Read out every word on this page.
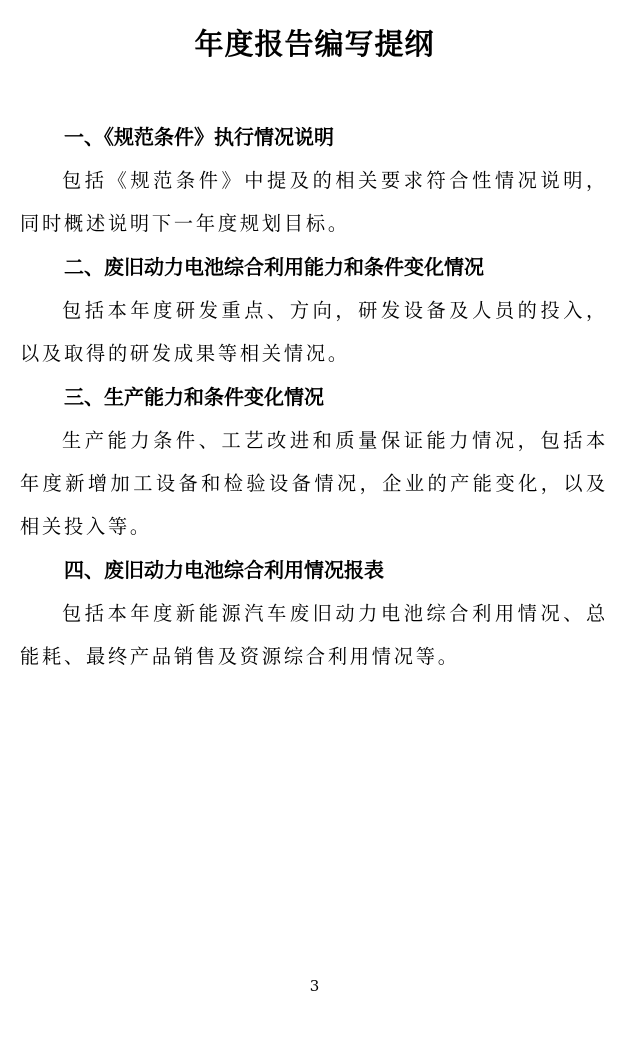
年度报告编写提纲
一、《规范条件》执行情况说明

包括《规范条件》中提及的相关要求符合性情况说明，同时概述说明下一年度规划目标。

二、废旧动力电池综合利用能力和条件变化情况

包括本年度研发重点、方向，研发设备及人员的投入，以及取得的研发成果等相关情况。

三、生产能力和条件变化情况

生产能力条件、工艺改进和质量保证能力情况，包括本年度新增加工设备和检验设备情况，企业的产能变化，以及相关投入等。

四、废旧动力电池综合利用情况报表

包括本年度新能源汽车废旧动力电池综合利用情况、总能耗、最终产品销售及资源综合利用情况等。

3
